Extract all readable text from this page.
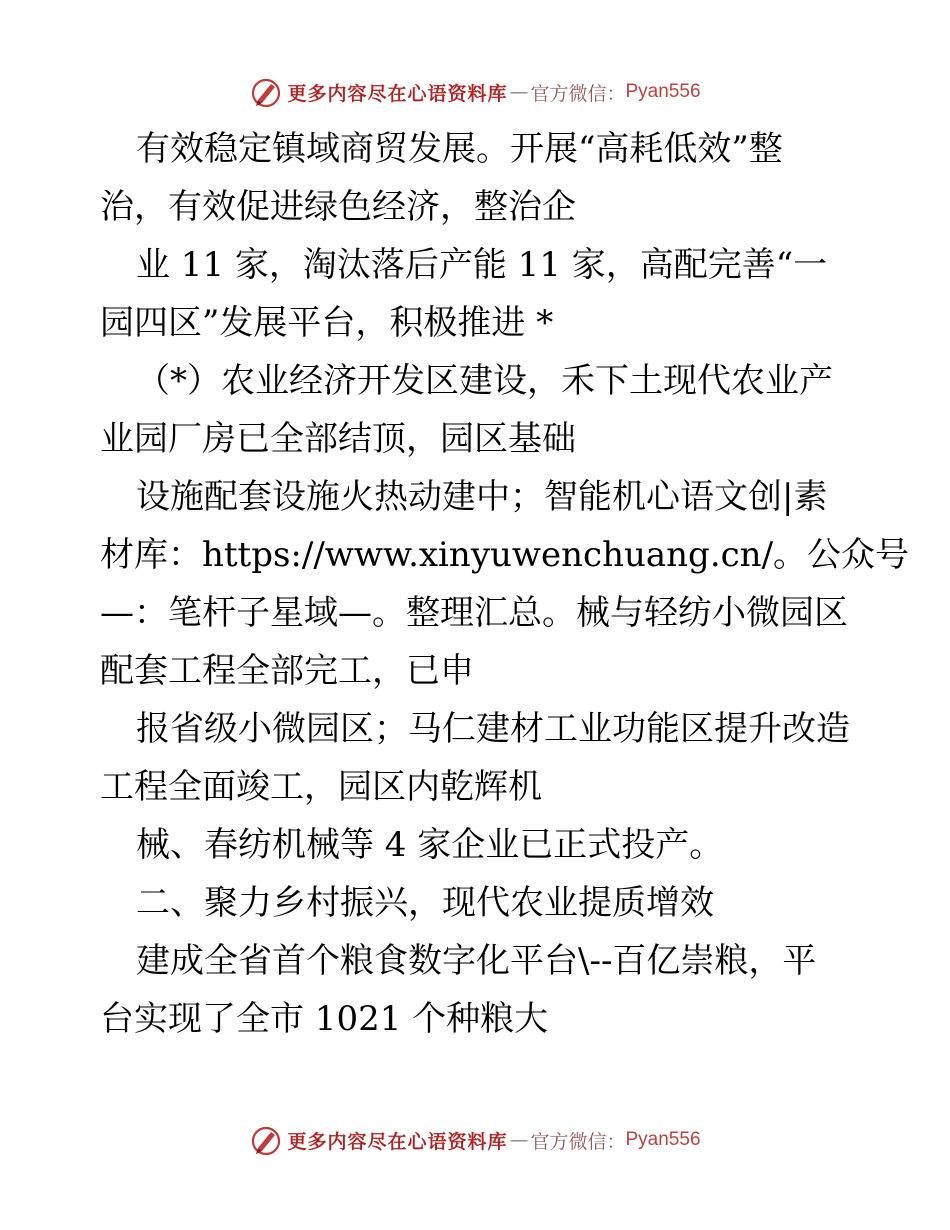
更多内容尽在心语资料库 — 官方微信： Pyan556
有效稳定镇域商贸发展。开展“高耗低效”整
治，有效促进绿色经济，整治企
业 11 家，淘汰落后产能 11 家，高配完善“一
园四区”发展平台，积极推进 *
（*）农业经济开发区建设，禾下土现代农业产
业园厂房已全部结顶，园区基础
设施配套设施火热动建中；智能机心语文创|素
材库：https://www.xinyuwenchuang.cn/。公众号
—：笔杆子星域—。整理汇总。械与轻纺小微园区
配套工程全部完工，已申
报省级小微园区；马仁建材工业功能区提升改造
工程全面竣工，园区内乾辉机
械、春纺机械等 4 家企业已正式投产。
二、聚力乡村振兴，现代农业提质增效
建成全省首个粮食数字化平台\--百亿崇粮，平
台实现了全市 1021 个种粮大
更多内容尽在心语资料库 — 官方微信： Pyan556
